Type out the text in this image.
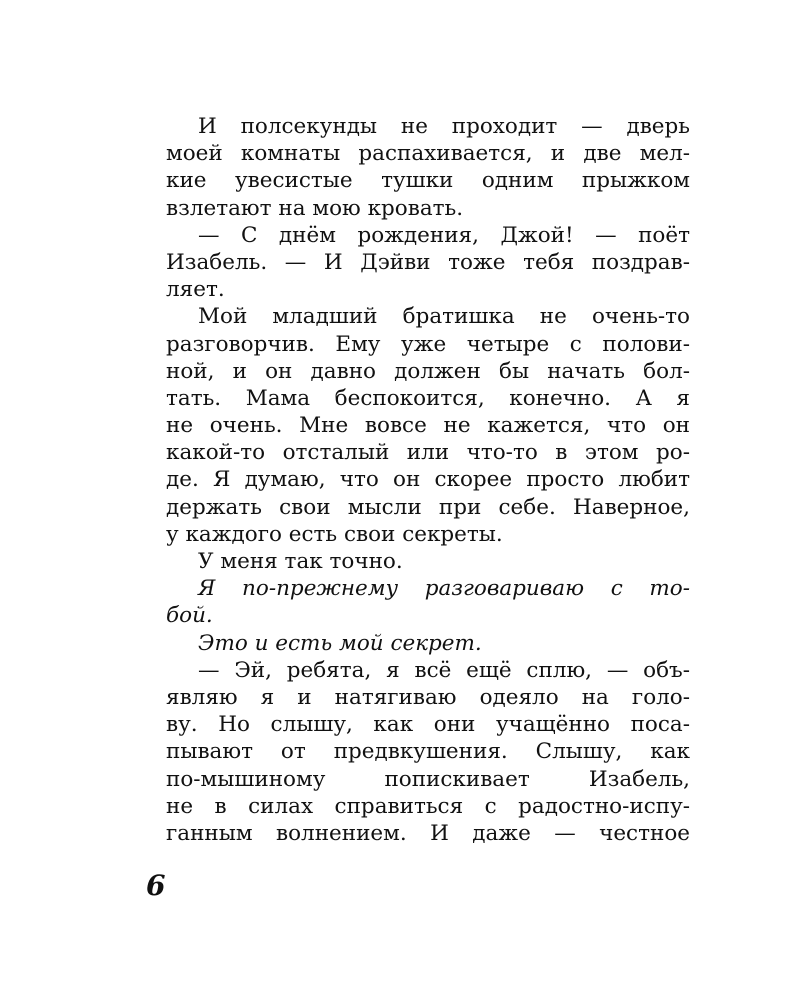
И полсекунды не проходит — дверь
моей комнаты распахивается, и две мел-
кие увесистые тушки одним прыжком
взлетают на мою кровать.
— С днём рождения, Джой! — поёт
Изабель. — И Дэйви тоже тебя поздрав-
ляет.
Мой младший братишка не очень-то
разговорчив. Ему уже четыре с полови-
ной, и он давно должен бы начать бол-
тать. Мама беспокоится, конечно. А я
не очень. Мне вовсе не кажется, что он
какой-то отсталый или что-то в этом ро-
де. Я думаю, что он скорее просто любит
держать свои мысли при себе. Наверное,
у каждого есть свои секреты.
У меня так точно.
Я по-прежнему разговариваю с то-
бой.
Это и есть мой секрет.
— Эй, ребята, я всё ещё сплю, — объ-
являю я и натягиваю одеяло на голо-
ву. Но слышу, как они учащённо поса-
пывают от предвкушения. Слышу, как
по-мышиному попискивает Изабель,
не в силах справиться с радостно-испу-
ганным волнением. И даже — честное
6
